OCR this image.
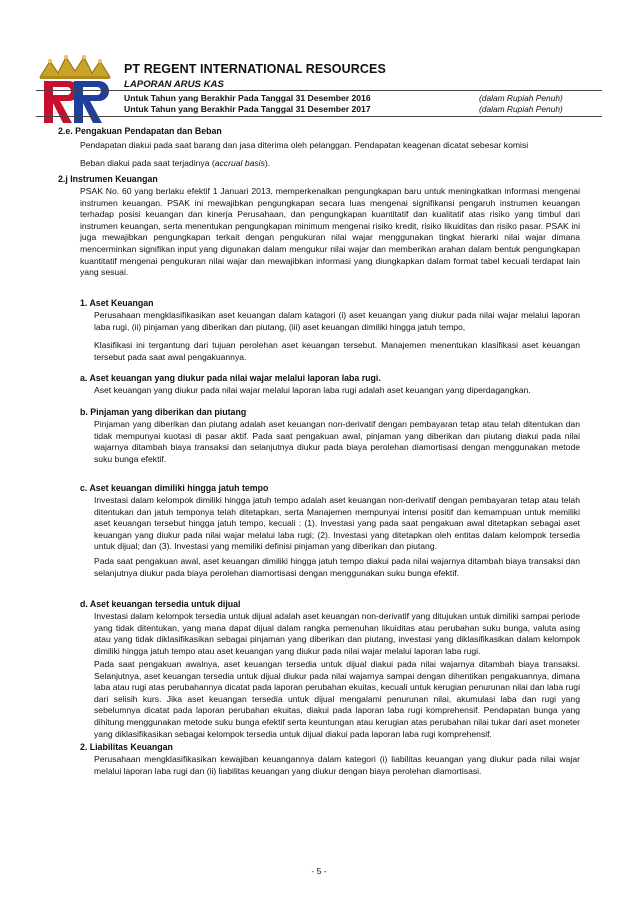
PT REGENT INTERNATIONAL RESOURCES
LAPORAN ARUS KAS
Untuk Tahun yang Berakhir Pada Tanggal 31 Desember 2016	(dalam Rupiah Penuh)
Untuk Tahun yang Berakhir Pada Tanggal 31 Desember 2017	(dalam Rupiah Penuh)
2.e. Pengakuan Pendapatan dan Beban
Pendapatan diakui pada saat barang dan jasa diterima oleh pelanggan. Pendapatan keagenan dicatat sebesar komisi
Beban diakui pada saat terjadinya (accrual basis).
2.j Instrumen Keuangan
PSAK No. 60 yang berlaku efektif 1 Januari 2013, memperkenalkan pengungkapan baru untuk meningkatkan informasi mengenai instrumen keuangan. PSAK ini mewajibkan pengungkapan secara luas mengenai signifikansi pengaruh instrumen keuangan terhadap posisi keuangan dan kinerja Perusahaan, dan pengungkapan kuantitatif dan kualitatif atas risiko yang timbul dari instrumen keuangan, serta menentukan pengungkapan minimum mengenai risiko kredit, risiko likuiditas dan risiko pasar. PSAK ini juga mewajibkan pengungkapan terkait dengan pengukuran nilai wajar menggunakan tingkat hierarki nilai wajar dimana mencerminkan signifikan input yang digunakan dalam mengukur nilai wajar dan memberikan arahan dalam bentuk pengungkapan kuantitatif mengenai pengukuran nilai wajar dan mewajibkan informasi yang diungkapkan dalam format tabel kecuali terdapat lain yang sesuai.
1. Aset Keuangan
Perusahaan mengklasifikasikan aset keuangan dalam katagori (i) aset keuangan yang diukur pada nilai wajar melalui laporan laba rugi, (ii) pinjaman yang diberikan dan piutang, (iii) aset keuangan dimiliki hingga jatuh tempo,
Klasifikasi ini tergantung dari tujuan perolehan aset keuangan tersebut. Manajemen menentukan klasifikasi aset keuangan tersebut pada saat awal pengakuannya.
a. Aset keuangan yang diukur pada nilai wajar melalui laporan laba rugi.
Aset keuangan yang diukur pada nilai wajar melalui laporan laba rugi adalah aset keuangan yang diperdagangkan.
b. Pinjaman yang diberikan dan piutang
Pinjaman yang diberikan dan piutang adalah aset keuangan non-derivatif dengan pembayaran tetap atau telah ditentukan dan tidak mempunyai kuotasi di pasar aktif. Pada saat pengakuan awal, pinjaman yang diberikan dan piutang diakui pada nilai wajarnya ditambah biaya transaksi dan selanjutnya diukur pada biaya perolehan diamortisasi dengan menggunakan metode suku bunga efektif.
c. Aset keuangan dimiliki hingga jatuh tempo
Investasi dalam kelompok dimiliki hingga jatuh tempo adalah aset keuangan non-derivatif dengan pembayaran tetap atau telah ditentukan dan jatuh temponya telah ditetapkan, serta Manajemen mempunyai intensi positif dan kemampuan untuk memiliki aset keuangan tersebut hingga jatuh tempo, kecuali : (1). Investasi yang pada saat pengakuan awal ditetapkan sebagai aset keuangan yang diukur pada nilai wajar melalui laba rugi; (2). Investasi yang ditetapkan oleh entitas dalam kelompok tersedia untuk dijual; dan (3). Investasi yang memiliki definisi pinjaman yang diberikan dan piutang.
Pada saat pengakuan awal, aset keuangan dimiliki hingga jatuh tempo diakui pada nilai wajarnya ditambah biaya transaksi dan selanjutnya diukur pada biaya perolehan diamortisasi dengan menggunakan suku bunga efektif.
d. Aset keuangan tersedia untuk dijual
Investasi dalam kelompok tersedia untuk dijual adalah aset keuangan non-derivatif yang ditujukan untuk dimiliki sampai periode yang tidak ditentukan, yang mana dapat dijual dalam rangka pemenuhan likuiditas atau perubahan suku bunga, valuta asing atau yang tidak diklasifikasikan sebagai pinjaman yang diberikan dan piutang, investasi yang diklasifikasikan dalam kelompok dimiliki hingga jatuh tempo atau aset keuangan yang diukur pada nilai wajar melalui laporan laba rugi.
Pada saat pengakuan awalnya, aset keuangan tersedia untuk dijual diakui pada nilai wajarnya ditambah biaya transaksi. Selanjutnya, aset keuangan tersedia untuk dijual diukur pada nilai wajarnya sampai dengan dihentikan pengakuannya, dimana laba atau rugi atas perubahannya dicatat pada laporan perubahan ekuitas, kecuali untuk kerugian penurunan nilai dan laba rugi dari selisih kurs. Jika aset keuangan tersedia untuk dijual mengalami penurunan nilai, akumulasi laba dan rugi yang sebelumnya dicatat pada laporan perubahan ekuitas, diakui pada laporan laba rugi komprehensif. Pendapatan bunga yang dihitung menggunakan metode suku bunga efektif serta keuntungan atau kerugian atas perubahan nilai tukar dari aset moneter yang diklasifikasikan sebagai kelompok tersedia untuk dijual diakui pada laporan laba rugi komprehensif.
2. Liabilitas Keuangan
Perusahaan mengklasifikasikan kewajiban keuangannya dalam kategori (i) liabilitas keuangan yang diukur pada nilai wajar melalui laporan laba rugi dan (ii) liabilitas keuangan yang diukur dengan biaya perolehan diamortisasi.
- 5 -
